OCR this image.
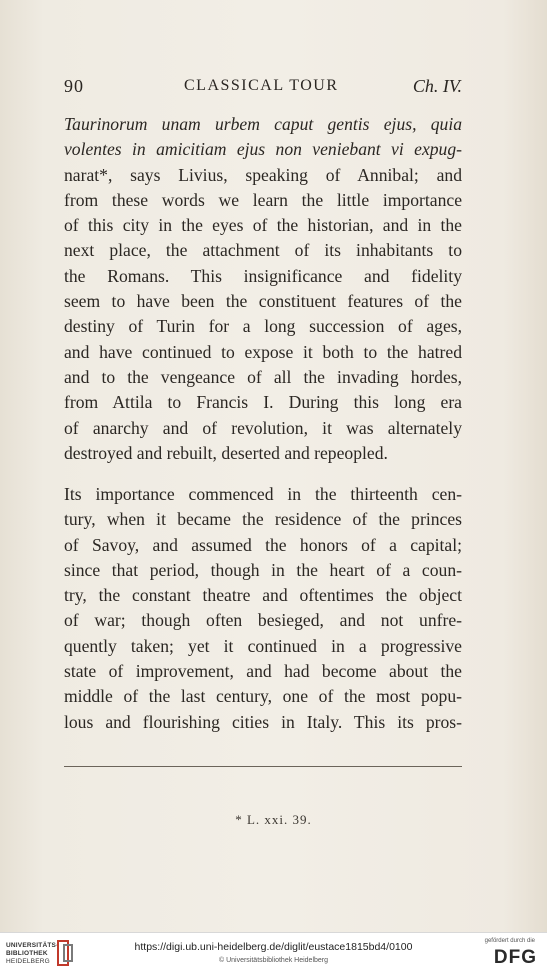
90	CLASSICAL TOUR	Ch. IV.
Taurinorum unam urbem caput gentis ejus, quia
volentes in amicitiam ejus non veniebant vi expug-
narat*, says Livius, speaking of Annibal; and
from these words we learn the little importance
of this city in the eyes of the historian, and in the
next place, the attachment of its inhabitants to
the Romans. This insignificance and fidelity
seem to have been the constituent features of the
destiny of Turin for a long succession of ages,
and have continued to expose it both to the hatred
and to the vengeance of all the invading hordes,
from Attila to Francis I. During this long era
of anarchy and of revolution, it was alternately
destroyed and rebuilt, deserted and repeopled.
Its importance commenced in the thirteenth cen-
tury, when it became the residence of the princes
of Savoy, and assumed the honors of a capital;
since that period, though in the heart of a coun-
try, the constant theatre and oftentimes the object
of war; though often besieged, and not unfre-
quently taken; yet it continued in a progressive
state of improvement, and had become about the
middle of the last century, one of the most popu-
lous and flourishing cities in Italy. This its pros-
* L. xxi. 39.
UNIVERSITÄTS-
BIBLIOTHEK
HEIDELBERG
https://digi.ub.uni-heidelberg.de/diglit/eustace1815bd4/0100
© Universitätsbibliothek Heidelberg
gefördert durch die
DFG
